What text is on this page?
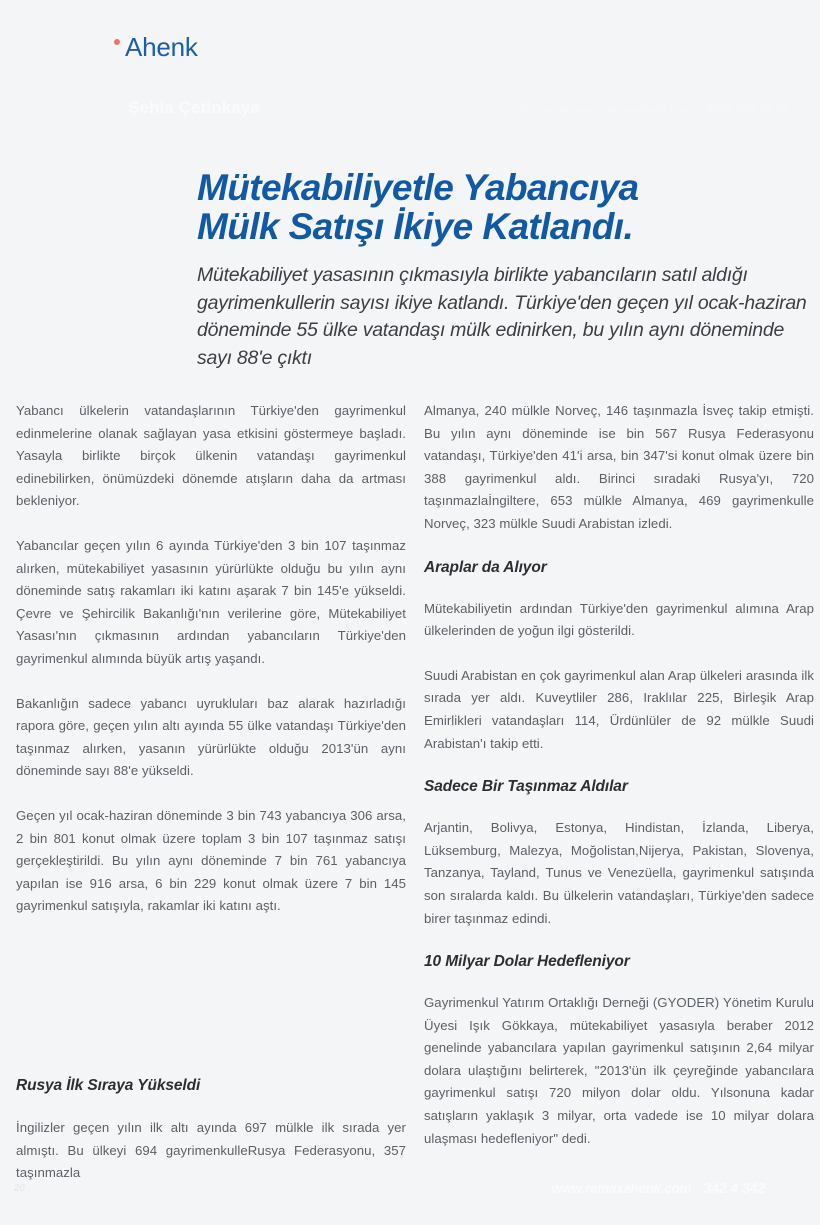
Ahenk
Şehla Çetinkaya	sehla.cetinkaya@remaxahenk.com 0532 769 72 99
Mütekabiliyetle Yabancıya
Mülk Satışı İkiye Katlandı.

Mütekabiliyet yasasının çıkmasıyla birlikte yabancıların satıl aldığı gayrimenkullerin sayısı ikiye katlandı. Türkiye'den geçen yıl ocak-haziran döneminde 55 ülke vatandaşı mülk edinirken, bu yılın aynı döneminde sayı 88'e çıktı

Yabancı ülkelerin vatandaşlarının Türkiye'den gayrimenkul edinmelerine olanak sağlayan yasa etkisini göstermeye başladı. Yasayla birlikte birçok ülkenin vatandaşı gayrimenkul edinebilirken, önümüzdeki dönemde atışların daha da artması bekleniyor.

Yabancılar geçen yılın 6 ayında Türkiye'den 3 bin 107 taşınmaz alırken, mütekabiliyet yasasının yürürlükte olduğu bu yılın aynı döneminde satış rakamları iki katını aşarak 7 bin 145'e yükseldi. Çevre ve Şehircilik Bakanlığı'nın verilerine göre, Mütekabiliyet Yasası'nın çıkmasının ardından yabancıların Türkiye'den gayrimenkul alımında büyük artış yaşandı.

Bakanlığın sadece yabancı uyrukluları baz alarak hazırladığı rapora göre, geçen yılın altı ayında 55 ülke vatandaşı Türkiye'den taşınmaz alırken, yasanın yürürlükte olduğu 2013'ün aynı döneminde sayı 88'e yükseldi.

Geçen yıl ocak-haziran döneminde 3 bin 743 yabancıya 306 arsa, 2 bin 801 konut olmak üzere toplam 3 bin 107 taşınmaz satışı gerçekleştirildi. Bu yılın aynı döneminde 7 bin 761 yabancıya yapılan ise 916 arsa, 6 bin 229 konut olmak üzere 7 bin 145 gayrimenkul satışıyla, rakamlar iki katını aştı.

Rusya İlk Sıraya Yükseldi

İngilizler geçen yılın ilk altı ayında 697 mülkle ilk sırada yer almıştı. Bu ülkeyi 694 gayrimenkulleRusya Federasyonu, 357 taşınmazla

Almanya, 240 mülkle Norveç, 146 taşınmazla İsveç takip etmişti. Bu yılın aynı döneminde ise bin 567 Rusya Federasyonu vatandaşı, Türkiye'den 41'i arsa, bin 347'si konut olmak üzere bin 388 gayrimenkul aldı. Birinci sıradaki Rusya'yı, 720 taşınmazlaİngiltere, 653 mülkle Almanya, 469 gayrimenkulle Norveç, 323 mülkle Suudi Arabistan izledi.

Araplar da Alıyor

Mütekabiliyetin ardından Türkiye'den gayrimenkul alımına Arap ülkelerinden de yoğun ilgi gösterildi.

Suudi Arabistan en çok gayrimenkul alan Arap ülkeleri arasında ilk sırada yer aldı. Kuveytliler 286, Iraklılar 225, Birleşik Arap Emirlikleri vatandaşları 114, Ürdünlüler de 92 mülkle Suudi Arabistan'ı takip etti.

Sadece Bir Taşınmaz Aldılar

Arjantin, Bolivya, Estonya, Hindistan, İzlanda, Liberya, Lüksemburg, Malezya, Moğolistan,Nijerya, Pakistan, Slovenya, Tanzanya, Tayland, Tunus ve Venezüella, gayrimenkul satışında son sıralarda kaldı. Bu ülkelerin vatandaşları, Türkiye'den sadece birer taşınmaz edindi.

10 Milyar Dolar Hedefleniyor

Gayrimenkul Yatırım Ortaklığı Derneği (GYODER) Yönetim Kurulu Üyesi Işık Gökkaya, mütekabiliyet yasasıyla beraber 2012 genelinde yabancılara yapılan gayrimenkul satışının 2,64 milyar dolara ulaştığını belirterek, "2013'ün ilk çeyreğinde yabancılara gayrimenkul satışı 720 milyon dolar oldu. Yılsonuna kadar satışların yaklaşık 3 milyar, orta vadede ise 10 milyar dolara ulaşması hedefleniyor" dedi.

20	www.remaxahenk.com 342 4 342
